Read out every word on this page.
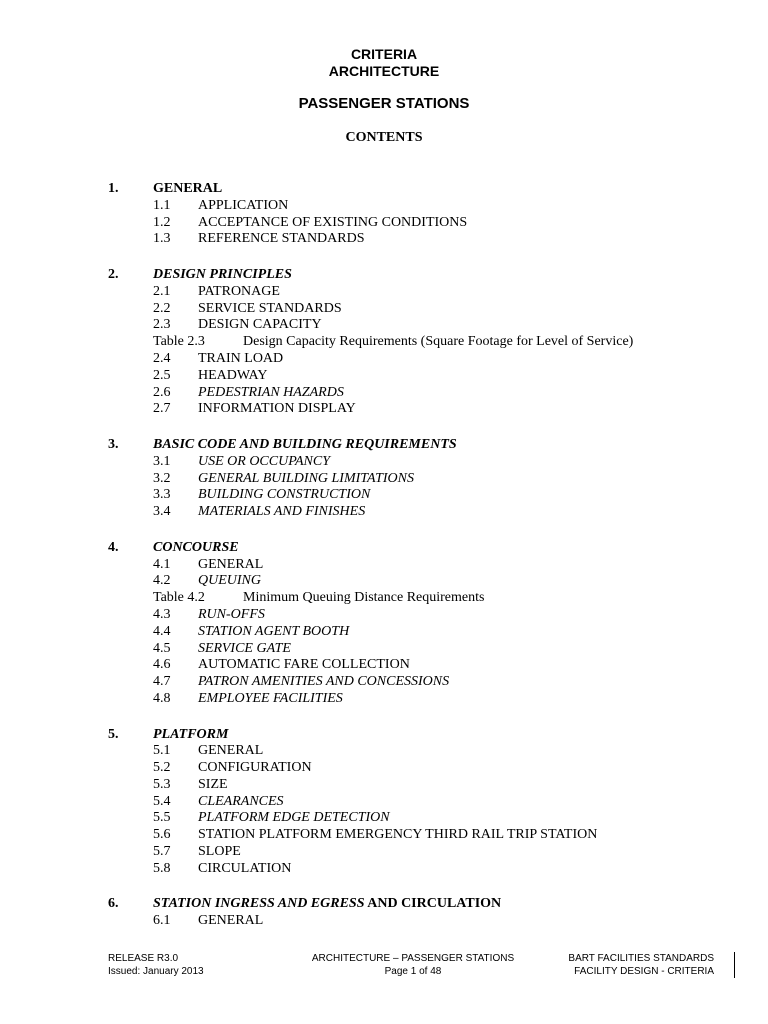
CRITERIA
ARCHITECTURE
PASSENGER STATIONS
CONTENTS
1. GENERAL
1.1 APPLICATION
1.2 ACCEPTANCE OF EXISTING CONDITIONS
1.3 REFERENCE STANDARDS
2. DESIGN PRINCIPLES
2.1 PATRONAGE
2.2 SERVICE STANDARDS
2.3 DESIGN CAPACITY
Table 2.3	Design Capacity Requirements (Square Footage for Level of Service)
2.4 TRAIN LOAD
2.5 HEADWAY
2.6 PEDESTRIAN HAZARDS
2.7 INFORMATION DISPLAY
3. BASIC CODE AND BUILDING REQUIREMENTS
3.1 USE OR OCCUPANCY
3.2 GENERAL BUILDING LIMITATIONS
3.3 BUILDING CONSTRUCTION
3.4 MATERIALS AND FINISHES
4. CONCOURSE
4.1 GENERAL
4.2 QUEUING
Table 4.2	Minimum Queuing Distance Requirements
4.3 RUN-OFFS
4.4 STATION AGENT BOOTH
4.5 SERVICE GATE
4.6 AUTOMATIC FARE COLLECTION
4.7 PATRON AMENITIES AND CONCESSIONS
4.8 EMPLOYEE FACILITIES
5. PLATFORM
5.1 GENERAL
5.2 CONFIGURATION
5.3 SIZE
5.4 CLEARANCES
5.5 PLATFORM EDGE DETECTION
5.6 STATION PLATFORM EMERGENCY THIRD RAIL TRIP STATION
5.7 SLOPE
5.8 CIRCULATION
6. STATION INGRESS AND EGRESS AND CIRCULATION
6.1 GENERAL
RELEASE R3.0
Issued: January 2013
ARCHITECTURE – PASSENGER STATIONS
Page 1 of 48
BART FACILITIES STANDARDS
FACILITY DESIGN - CRITERIA
